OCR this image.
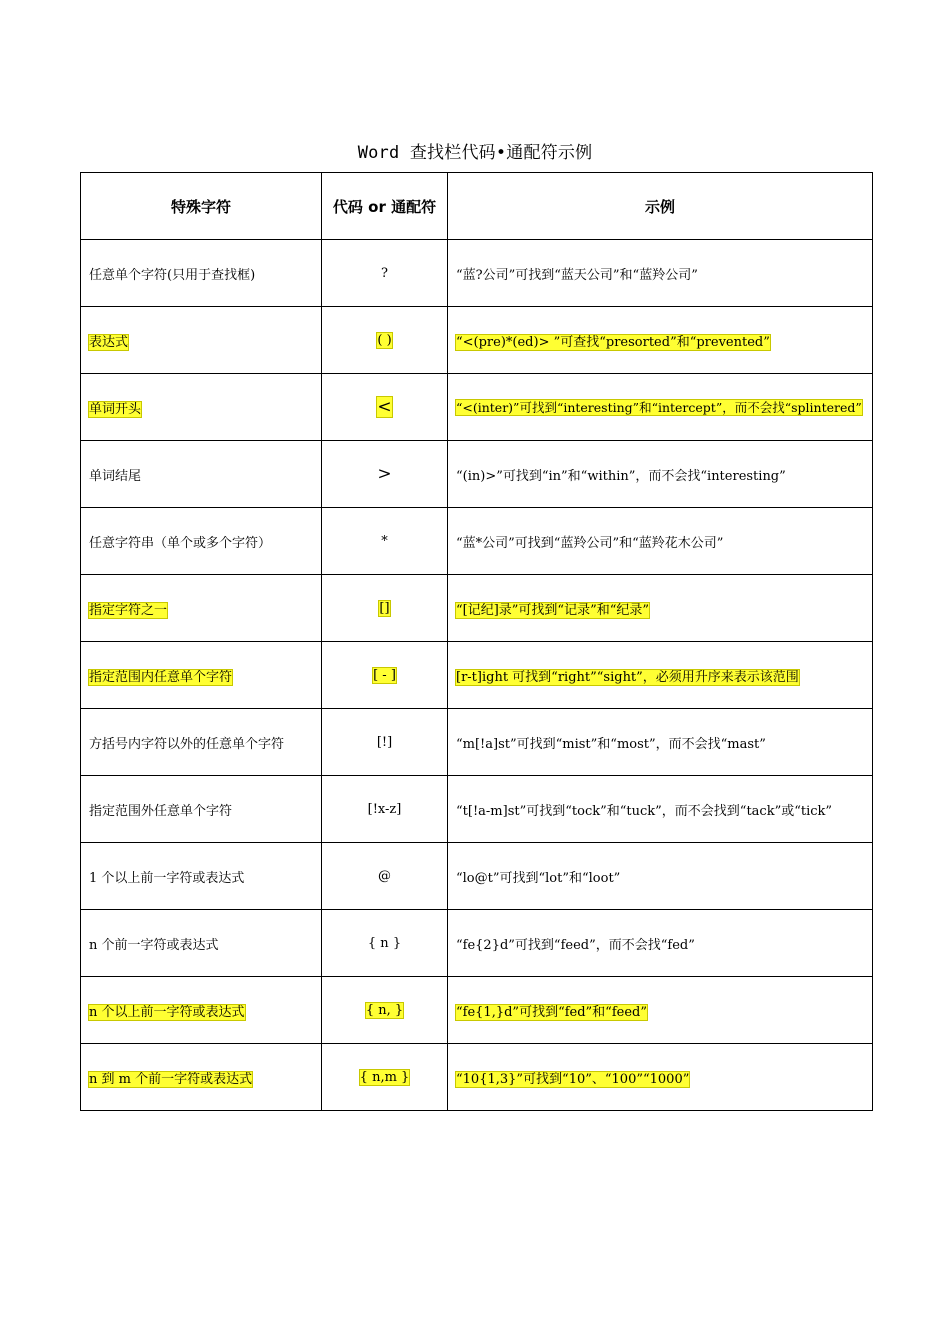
Word 查找栏代码•通配符示例
特殊字符	代码 or 通配符	示例
任意单个字符(只用于查找框)	?	“蓝?公司”可找到“蓝天公司”和“蓝羚公司”
表达式	( )	“<(pre)*(ed)> ”可查找“presorted”和“prevented”
单词开头	<	“<(inter)”可找到“interesting”和“intercept”，而不会找“splintered”
单词结尾	>	“(in)>”可找到“in”和“within”，而不会找“interesting”
任意字符串（单个或多个字符）	*	“蓝*公司”可找到“蓝羚公司”和“蓝羚花木公司”
指定字符之一	[]	“[记纪]录”可找到“记录”和“纪录”
指定范围内任意单个字符	[ - ]	[r-t]ight 可找到“right”“sight”，必须用升序来表示该范围
方括号内字符以外的任意单个字符	[!]	“m[!a]st”可找到“mist”和“most”，而不会找“mast”
指定范围外任意单个字符	[!x-z]	“t[!a-m]st”可找到“tock”和“tuck”，而不会找到“tack”或“tick”
1 个以上前一字符或表达式	@	“lo@t”可找到“lot”和“loot”
n 个前一字符或表达式	{ n }	“fe{2}d”可找到“feed”，而不会找“fed”
n 个以上前一字符或表达式	{ n, }	“fe{1,}d”可找到“fed”和“feed”
n 到 m 个前一字符或表达式	{ n,m }	“10{1,3}”可找到“10”、“100”“1000”
